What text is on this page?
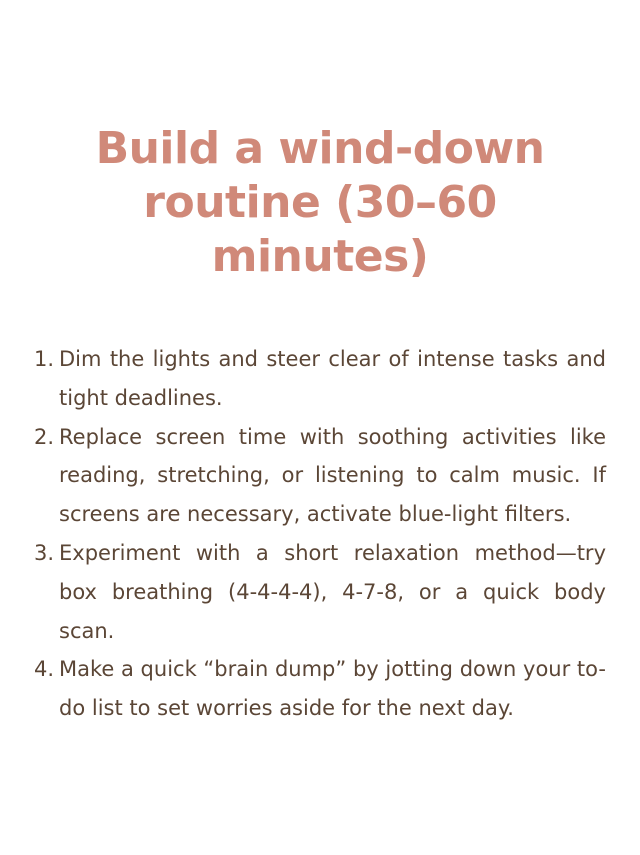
Build a wind-down routine (30–60 minutes)
1. Dim the lights and steer clear of intense tasks and tight deadlines.
2. Replace screen time with soothing activities like reading, stretching, or listening to calm music. If screens are necessary, activate blue-light filters.
3. Experiment with a short relaxation method—try box breathing (4-4-4-4), 4-7-8, or a quick body scan.
4. Make a quick “brain dump” by jotting down your to-do list to set worries aside for the next day.
